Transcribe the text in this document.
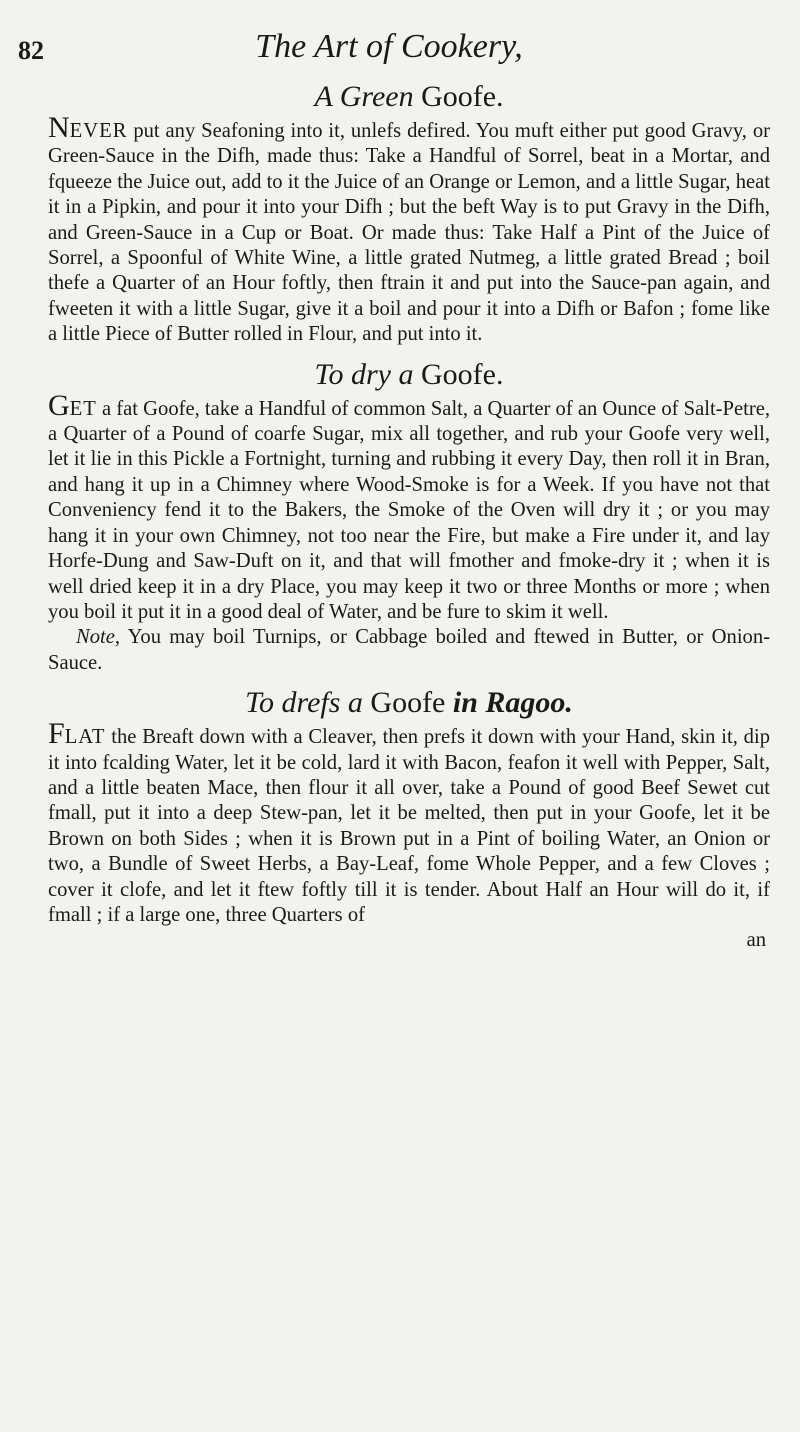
82	The Art of Cookery,
A Green Goofe.

NEVER put any Seafoning into it, unlefs defired. You muft either put good Gravy, or Green-Sauce in the Difh, made thus: Take a Handful of Sorrel, beat in a Mortar, and fqueeze the Juice out, add to it the Juice of an Orange or Lemon, and a little Sugar, heat it in a Pipkin, and pour it into your Difh ; but the beft Way is to put Gravy in the Difh, and Green-Sauce in a Cup or Boat. Or made thus: Take Half a Pint of the Juice of Sorrel, a Spoonful of White Wine, a little grated Nutmeg, a little grated Bread ; boil thefe a Quarter of an Hour foftly, then ftrain it and put into the Sauce-pan again, and fweeten it with a little Sugar, give it a boil and pour it into a Difh or Bafon ; fome like a little Piece of Butter rolled in Flour, and put into it.

To dry a Goofe.

GET a fat Goofe, take a Handful of common Salt, a Quarter of an Ounce of Salt-Petre, a Quarter of a Pound of coarfe Sugar, mix all together, and rub your Goofe very well, let it lie in this Pickle a Fortnight, turning and rubbing it every Day, then roll it in Bran, and hang it up in a Chimney where Wood-Smoke is for a Week. If you have not that Conveniency fend it to the Bakers, the Smoke of the Oven will dry it ; or you may hang it in your own Chimney, not too near the Fire, but make a Fire under it, and lay Horfe-Dung and Saw-Duft on it, and that will fmother and fmoke-dry it ; when it is well dried keep it in a dry Place, you may keep it two or three Months or more ; when you boil it put it in a good deal of Water, and be fure to skim it well.

Note, You may boil Turnips, or Cabbage boiled and ftewed in Butter, or Onion-Sauce.

To drefs a Goofe in Ragoo.

FLAT the Breaft down with a Cleaver, then prefs it down with your Hand, skin it, dip it into fcalding Water, let it be cold, lard it with Bacon, feafon it well with Pepper, Salt, and a little beaten Mace, then flour it all over, take a Pound of good Beef Sewet cut fmall, put it into a deep Stew-pan, let it be melted, then put in your Goofe, let it be Brown on both Sides ; when it is Brown put in a Pint of boiling Water, an Onion or two, a Bundle of Sweet Herbs, a Bay-Leaf, fome Whole Pepper, and a few Cloves ; cover it clofe, and let it ftew foftly till it is tender. About Half an Hour will do it, if fmall ; if a large one, three Quarters of

an
